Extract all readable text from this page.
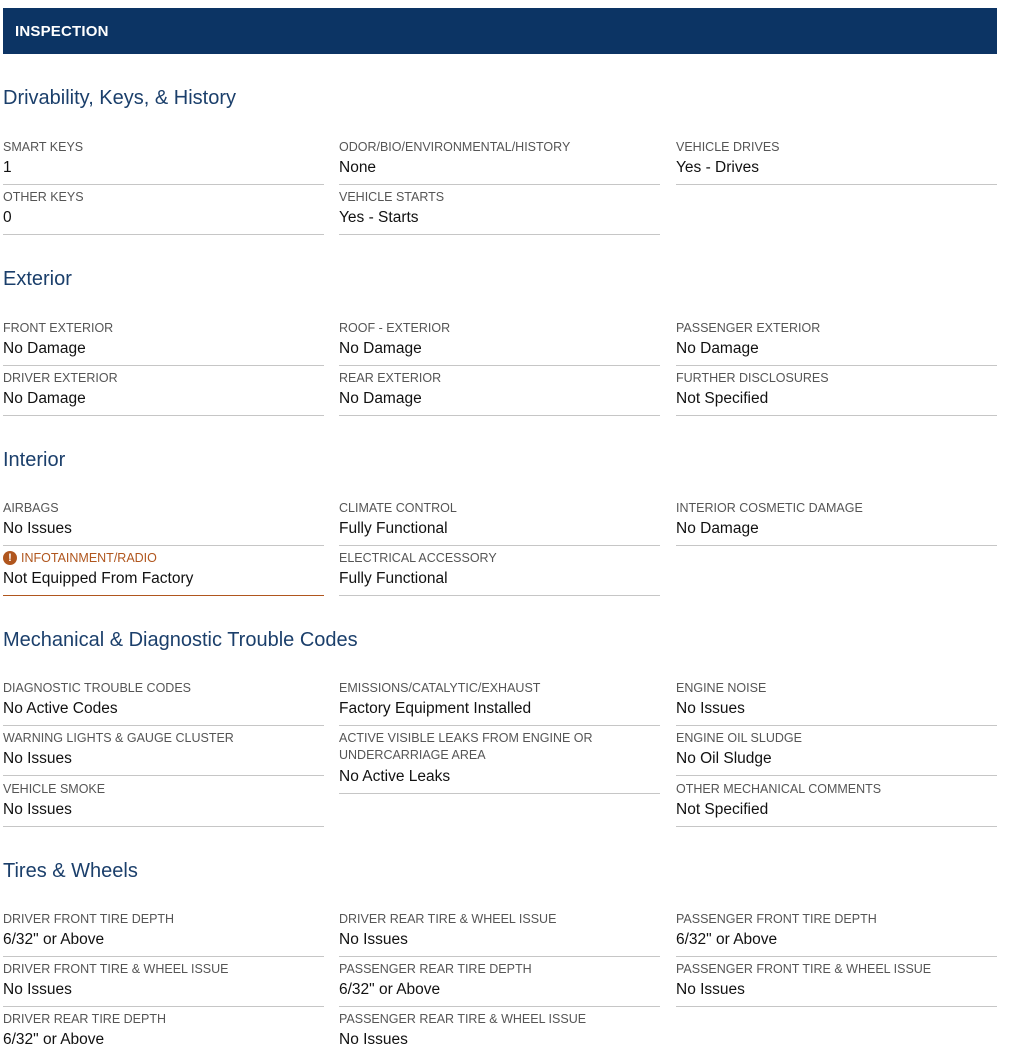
INSPECTION
Drivability, Keys, & History
SMART KEYS
1
ODOR/BIO/ENVIRONMENTAL/HISTORY
None
VEHICLE DRIVES
Yes - Drives
OTHER KEYS
0
VEHICLE STARTS
Yes - Starts
Exterior
FRONT EXTERIOR
No Damage
ROOF - EXTERIOR
No Damage
PASSENGER EXTERIOR
No Damage
DRIVER EXTERIOR
No Damage
REAR EXTERIOR
No Damage
FURTHER DISCLOSURES
Not Specified
Interior
AIRBAGS
No Issues
CLIMATE CONTROL
Fully Functional
INTERIOR COSMETIC DAMAGE
No Damage
! INFOTAINMENT/RADIO
Not Equipped From Factory
ELECTRICAL ACCESSORY
Fully Functional
Mechanical & Diagnostic Trouble Codes
DIAGNOSTIC TROUBLE CODES
No Active Codes
EMISSIONS/CATALYTIC/EXHAUST
Factory Equipment Installed
ENGINE NOISE
No Issues
WARNING LIGHTS & GAUGE CLUSTER
No Issues
ACTIVE VISIBLE LEAKS FROM ENGINE OR UNDERCARRIAGE AREA
No Active Leaks
ENGINE OIL SLUDGE
No Oil Sludge
VEHICLE SMOKE
No Issues
OTHER MECHANICAL COMMENTS
Not Specified
Tires & Wheels
DRIVER FRONT TIRE DEPTH
6/32" or Above
DRIVER REAR TIRE & WHEEL ISSUE
No Issues
PASSENGER FRONT TIRE DEPTH
6/32" or Above
DRIVER FRONT TIRE & WHEEL ISSUE
No Issues
PASSENGER REAR TIRE DEPTH
6/32" or Above
PASSENGER FRONT TIRE & WHEEL ISSUE
No Issues
DRIVER REAR TIRE DEPTH
6/32" or Above
PASSENGER REAR TIRE & WHEEL ISSUE
No Issues
